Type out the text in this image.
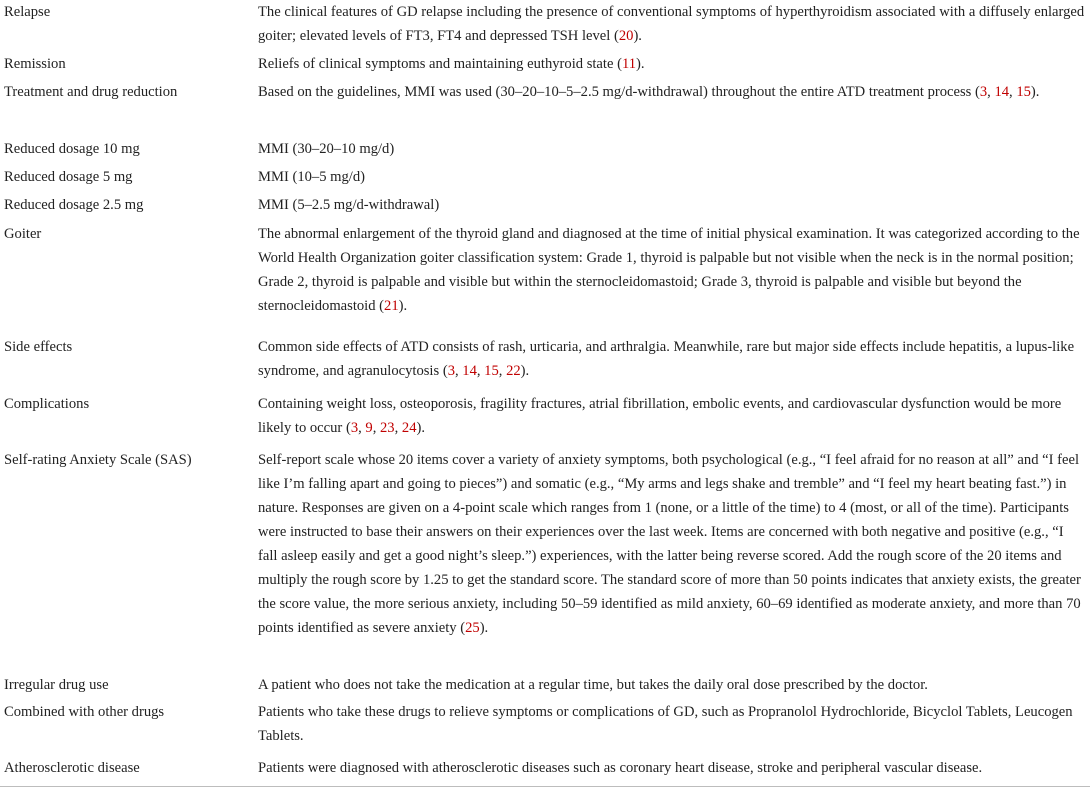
Relapse	The clinical features of GD relapse including the presence of conventional symptoms of hyperthyroidism associated with a diffusely enlarged goiter; elevated levels of FT3, FT4 and depressed TSH level (20).
Remission	Reliefs of clinical symptoms and maintaining euthyroid state (11).
Treatment and drug reduction	Based on the guidelines, MMI was used (30–20–10–5–2.5 mg/d-withdrawal) throughout the entire ATD treatment process (3, 14, 15).
Reduced dosage 10 mg	MMI (30–20–10 mg/d)
Reduced dosage 5 mg	MMI (10–5 mg/d)
Reduced dosage 2.5 mg	MMI (5–2.5 mg/d-withdrawal)
Goiter	The abnormal enlargement of the thyroid gland and diagnosed at the time of initial physical examination. It was categorized according to the World Health Organization goiter classification system: Grade 1, thyroid is palpable but not visible when the neck is in the normal position; Grade 2, thyroid is palpable and visible but within the sternocleidomastoid; Grade 3, thyroid is palpable and visible but beyond the sternocleidomastoid (21).
Side effects	Common side effects of ATD consists of rash, urticaria, and arthralgia. Meanwhile, rare but major side effects include hepatitis, a lupus-like syndrome, and agranulocytosis (3, 14, 15, 22).
Complications	Containing weight loss, osteoporosis, fragility fractures, atrial fibrillation, embolic events, and cardiovascular dysfunction would be more likely to occur (3, 9, 23, 24).
Self-rating Anxiety Scale (SAS)	Self-report scale whose 20 items cover a variety of anxiety symptoms, both psychological (e.g., “I feel afraid for no reason at all” and “I feel like I’m falling apart and going to pieces”) and somatic (e.g., “My arms and legs shake and tremble” and “I feel my heart beating fast.”) in nature. Responses are given on a 4-point scale which ranges from 1 (none, or a little of the time) to 4 (most, or all of the time). Participants were instructed to base their answers on their experiences over the last week. Items are concerned with both negative and positive (e.g., “I fall asleep easily and get a good night’s sleep.”) experiences, with the latter being reverse scored. Add the rough score of the 20 items and multiply the rough score by 1.25 to get the standard score. The standard score of more than 50 points indicates that anxiety exists, the greater the score value, the more serious anxiety, including 50–59 identified as mild anxiety, 60–69 identified as moderate anxiety, and more than 70 points identified as severe anxiety (25).
Irregular drug use	A patient who does not take the medication at a regular time, but takes the daily oral dose prescribed by the doctor.
Combined with other drugs	Patients who take these drugs to relieve symptoms or complications of GD, such as Propranolol Hydrochloride, Bicyclol Tablets, Leucogen Tablets.
Atherosclerotic disease	Patients were diagnosed with atherosclerotic diseases such as coronary heart disease, stroke and peripheral vascular disease.
